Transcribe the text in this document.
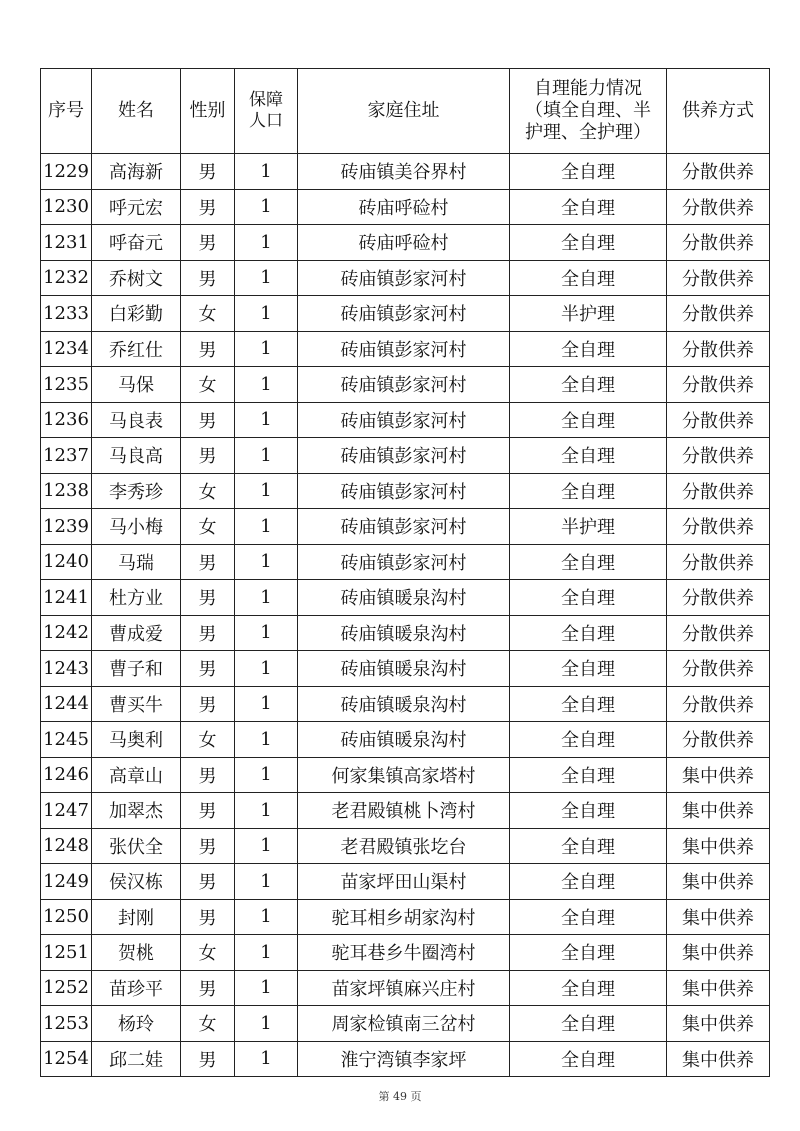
序号	姓名	性别	保障人口	家庭住址	自理能力情况
（填全自理、半
护理、全护理）	供养方式
1229	高海新	男	1	砖庙镇美谷界村	全自理	分散供养
1230	呼元宏	男	1	砖庙呼硷村	全自理	分散供养
1231	呼奋元	男	1	砖庙呼硷村	全自理	分散供养
1232	乔树文	男	1	砖庙镇彭家河村	全自理	分散供养
1233	白彩勤	女	1	砖庙镇彭家河村	半护理	分散供养
1234	乔红仕	男	1	砖庙镇彭家河村	全自理	分散供养
1235	马保	女	1	砖庙镇彭家河村	全自理	分散供养
1236	马良表	男	1	砖庙镇彭家河村	全自理	分散供养
1237	马良高	男	1	砖庙镇彭家河村	全自理	分散供养
1238	李秀珍	女	1	砖庙镇彭家河村	全自理	分散供养
1239	马小梅	女	1	砖庙镇彭家河村	半护理	分散供养
1240	马瑞	男	1	砖庙镇彭家河村	全自理	分散供养
1241	杜方业	男	1	砖庙镇暖泉沟村	全自理	分散供养
1242	曹成爱	男	1	砖庙镇暖泉沟村	全自理	分散供养
1243	曹子和	男	1	砖庙镇暖泉沟村	全自理	分散供养
1244	曹买牛	男	1	砖庙镇暖泉沟村	全自理	分散供养
1245	马奥利	女	1	砖庙镇暖泉沟村	全自理	分散供养
1246	高章山	男	1	何家集镇高家塔村	全自理	集中供养
1247	加翠杰	男	1	老君殿镇桃卜湾村	全自理	集中供养
1248	张伏全	男	1	老君殿镇张圪台	全自理	集中供养
1249	侯汉栋	男	1	苗家坪田山渠村	全自理	集中供养
1250	封刚	男	1	驼耳相乡胡家沟村	全自理	集中供养
1251	贺桃	女	1	驼耳巷乡牛圈湾村	全自理	集中供养
1252	苗珍平	男	1	苗家坪镇麻兴庄村	全自理	集中供养
1253	杨玲	女	1	周家检镇南三岔村	全自理	集中供养
1254	邱二娃	男	1	淮宁湾镇李家坪	全自理	集中供养
第 49 页
